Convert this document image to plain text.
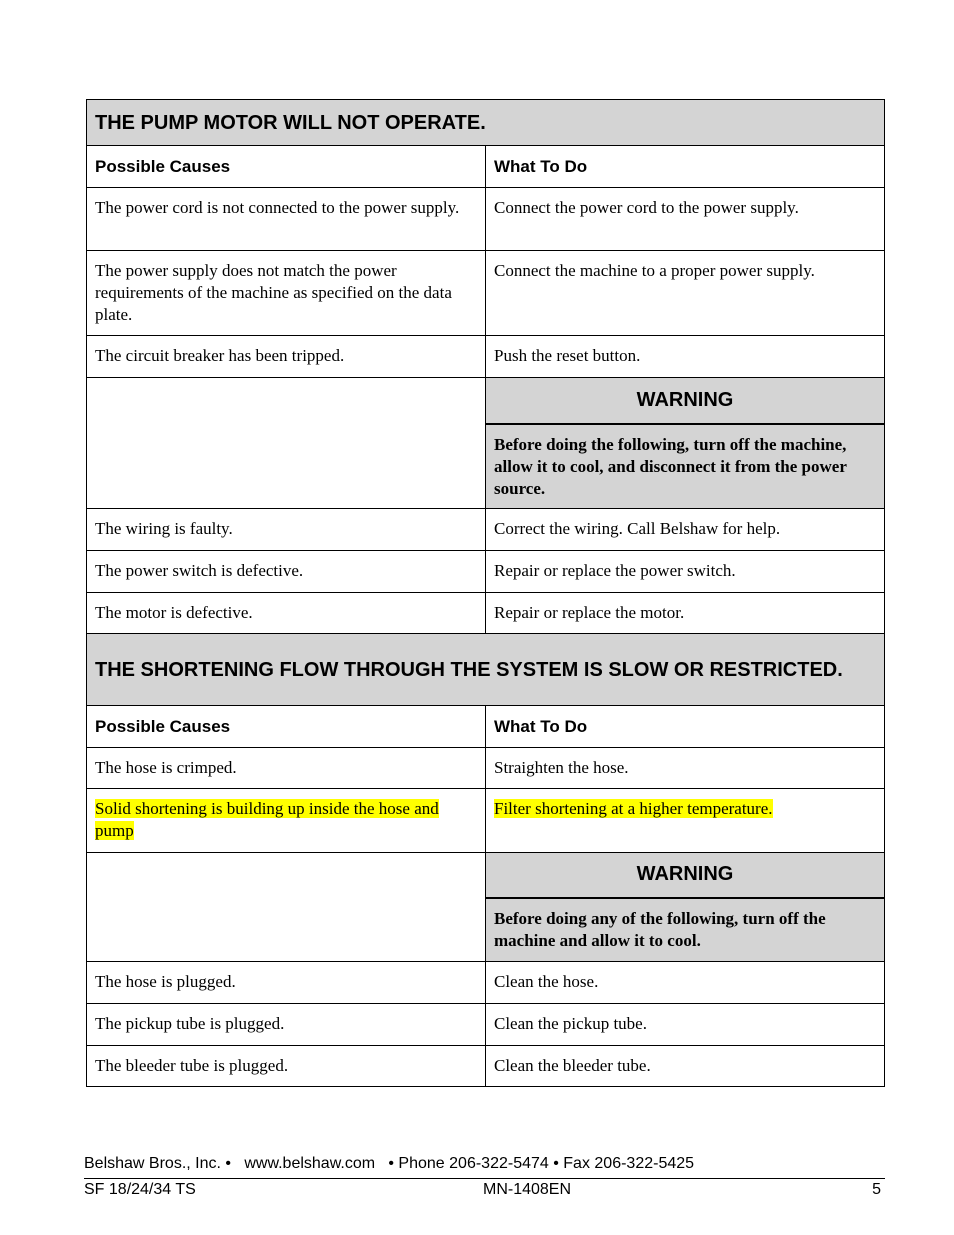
THE PUMP MOTOR WILL NOT OPERATE.	
Possible Causes	What To Do
The power cord is not connected to the power supply.	Connect the power cord to the power supply.
The power supply does not match the power requirements of the machine as specified on the data plate.	Connect the machine to a proper power supply.
The circuit breaker has been tripped.	Push the reset button.
	WARNING
	Before doing the following, turn off the machine, allow it to cool, and disconnect it from the power source.
The wiring is faulty.	Correct the wiring. Call Belshaw for help.
The power switch is defective.	Repair or replace the power switch.
The motor is defective.	Repair or replace the motor.
THE SHORTENING FLOW THROUGH THE SYSTEM IS SLOW OR RESTRICTED.	
Possible Causes	What To Do
The hose is crimped.	Straighten the hose.
Solid shortening is building up inside the hose and pump	Filter shortening at a higher temperature.
	WARNING
	Before doing any of the following, turn off the machine and allow it to cool.
The hose is plugged.	Clean the hose.
The pickup tube is plugged.	Clean the pickup tube.
The bleeder tube is plugged.	Clean the bleeder tube.
Belshaw Bros., Inc. •   www.belshaw.com   • Phone 206-322-5474 • Fax 206-322-5425
SF 18/24/34 TS	MN-1408EN	5
